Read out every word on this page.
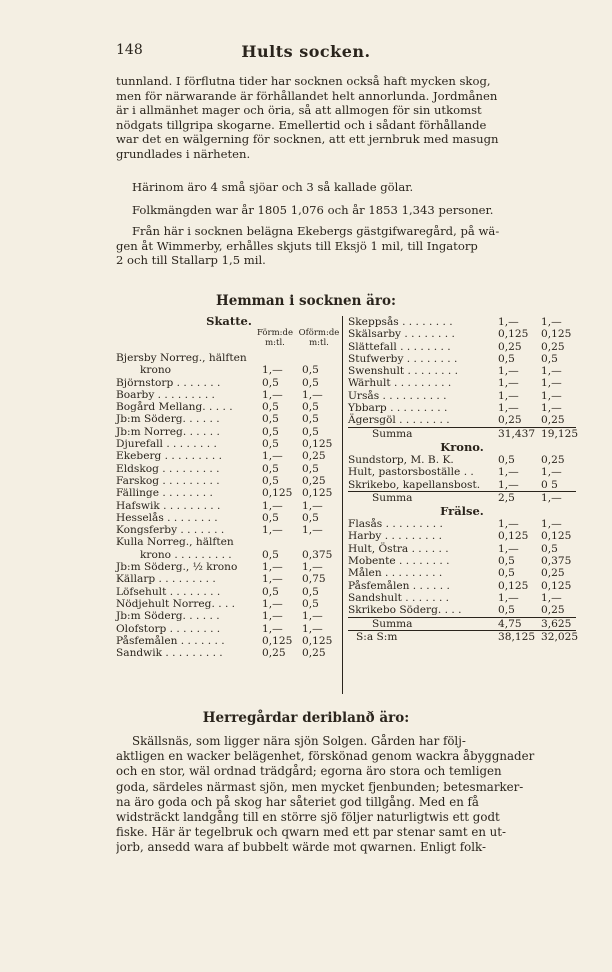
148	Hults socken.
tunnland. I förflutna tider har socknen också haft mycken skog,
men för närwarande är förhållandet helt annorlunda. Jordmånen
är i allmänhet mager och öria, så att allmogen för sin utkomst
nödgats tillgripa skogarne. Emellertid och i sådant förhållande
war det en wälgerning för socknen, att ett jernbruk med masugn
grundlades i närheten.
Härinom äro 4 små sjöar och 3 så kallade gölar.
Folkmängden war år 1805 1,076 och år 1853 1,343 personer.
Från här i socknen belägna Ekebergs gästgifwaregård, på wä-
gen åt Wimmerby, erhålles skjuts till Eksjö 1 mil, till Ingatorp
2 och till Stallarp 1,5 mil.
Hemman i socknen äro:
Skatte.
Förm:de m:tl.
Oförm:de m:tl.
Bjersby Norreg., hälften
krono	1,— 0,5
Björnstorp . . . . . . .	0,5 0,5
Boarby . . . . . . . . .	1,— 1,—
Bogård Mellang. . . . .	0,5 0,5
Jb:m Söderg. . . . . .	0,5 0,5
Jb:m Norreg. . . . . .	0,5 0,5
Djurefall . . . . . . . .	0,5 0,125
Ekeberg . . . . . . . . .	1,— 0,25
Eldskog . . . . . . . . .	0,5 0,5
Farskog . . . . . . . . .	0,5 0,25
Fällinge . . . . . . . .	0,125 0,125
Hafswik . . . . . . . . .	1,— 1,—
Hesselås . . . . . . . .	0,5 0,5
Kongsferby . . . . . . .	1,— 1,—
Kulla Norreg., hälften
krono . . . . . . . . .	0,5 0,375
Jb:m Söderg., ½ krono 1,— 1,—
Källarp . . . . . . . . .	1,— 0,75
Löfsehult . . . . . . . .	0,5 0,5
Nödjehult Norreg. . . .	1,— 0,5
Jb:m Söderg. . . . . .	1,— 1,—
Olofstorp . . . . . . . .	1,— 1,—
Påsfemålen . . . . . . .	0,125 0,125
Sandwik . . . . . . . . .	0,25 0,25
Skeppsås . . . . . . . .	1,— 1,—
Skälsarby . . . . . . . .	0,125 0,125
Slättefall . . . . . . . .	0,25 0,25
Stufwerby . . . . . . . .	0,5 0,5
Swenshult . . . . . . . .	1,— 1,—
Wärhult . . . . . . . . .	1,— 1,—
Ursås . . . . . . . . . .	1,— 1,—
Ybbarp . . . . . . . . .	1,— 1,—
Ägersgöl . . . . . . . .	0,25 0,25
Summa	31,437 19,125
Krono.
Sundstorp, M. B. K.	0,5 0,25
Hult, pastorsboställe . . 1,— 1,—
Skrikebo, kapellansbost. 1,— 0 5
Summa	2,5 1,—
Frälse.
Flasås . . . . . . . . .	1,— 1,—
Harby . . . . . . . . .	0,125 0,125
Hult, Östra . . . . . .	1,— 0,5
Mobente . . . . . . . .	0,5 0,375
Målen . . . . . . . . .	0,5 0,25
Påsfemålen . . . . . .	0,125 0,125
Sandshult . . . . . . .	1,— 1,—
Skrikebo Söderg. . . .	0,5 0,25
Summa	4,75 3,625
S:a S:m	38,125 32,025
Herregårdar deriblanð äro:
Skällsnäs, som ligger nära sjön Solgen. Gården har följ-
aktligen en wacker belägenhet, förskönad genom wackra åbyggnader
och en stor, wäl ordnad trädgård; egorna äro stora och temligen
goda, särdeles närmast sjön, men mycket fjenbunden; betesmarker-
na äro goda och på skog har såteriet god tillgång. Med en få
widsträckt landgång till en större sjö följer naturligtwis ett godt
fiske. Här är tegelbruk och qwarn med ett par stenar samt en ut-
jorb, ansedd wara af bubbelt wärde mot qwarnen. Enligt folk-
